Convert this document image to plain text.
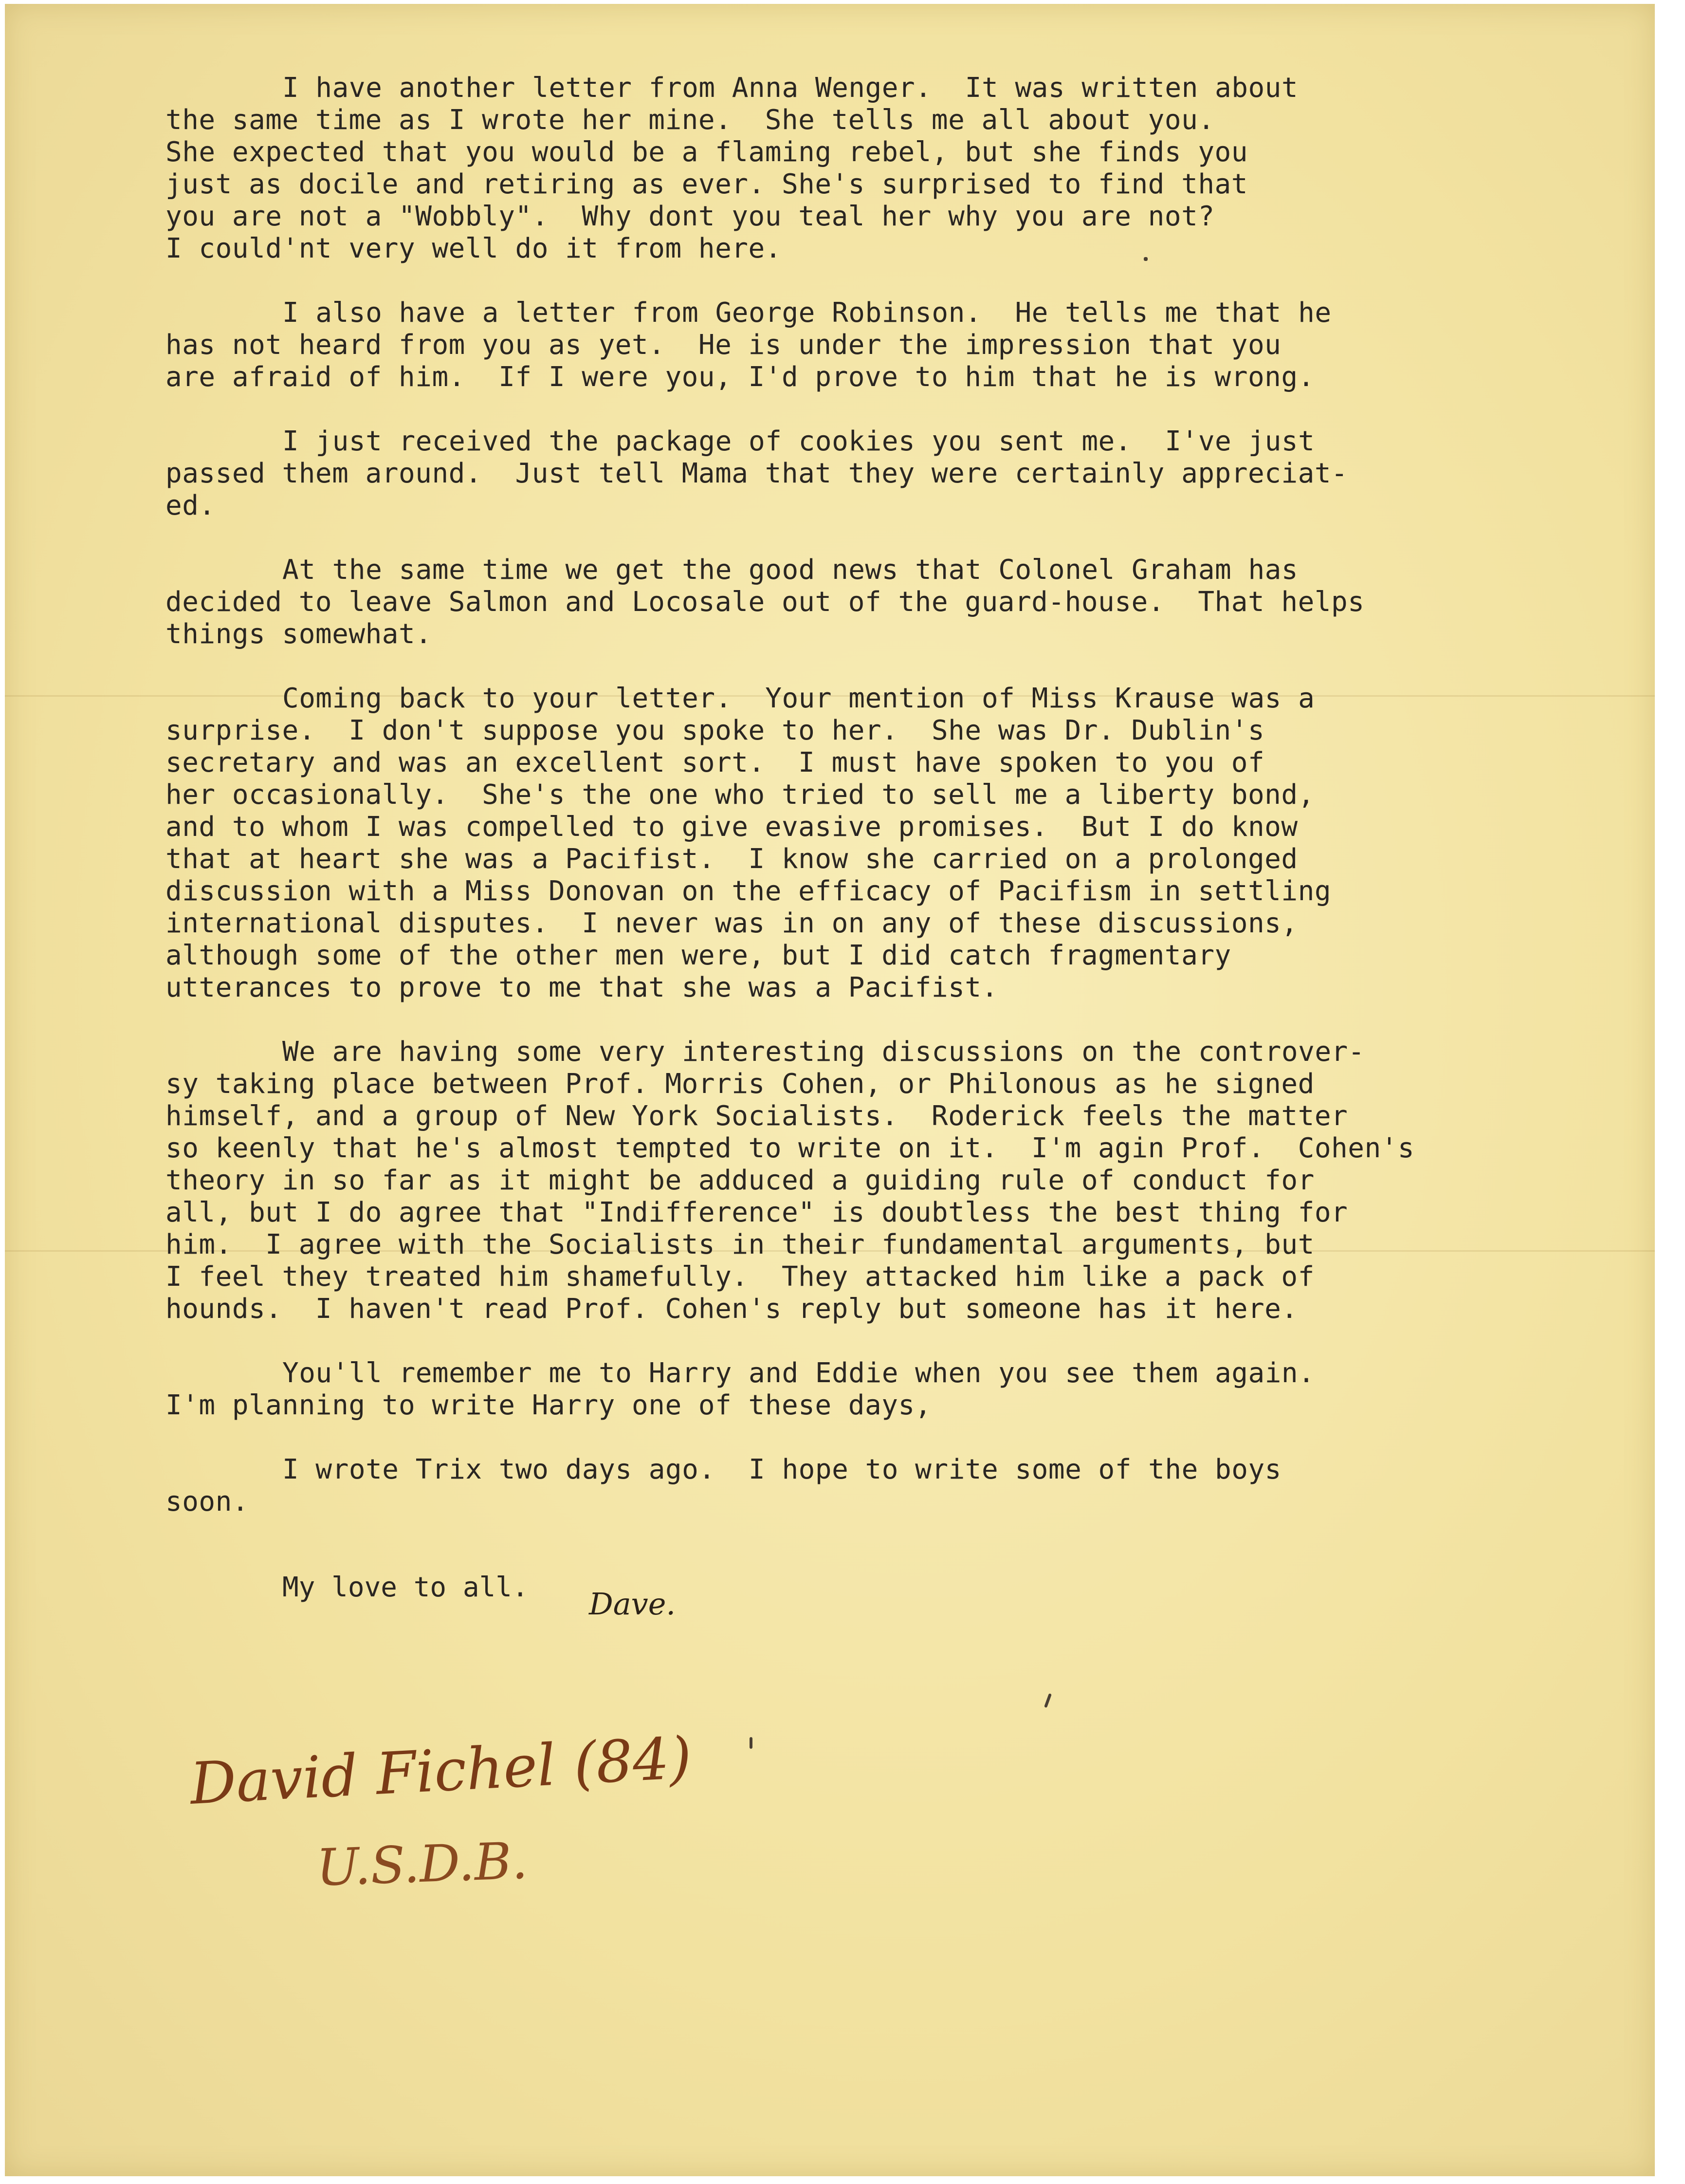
I have another letter from Anna Wenger.  It was written about
the same time as I wrote her mine.  She tells me all about you.
She expected that you would be a flaming rebel, but she finds you
just as docile and retiring as ever. She's surprised to find that
you are not a "Wobbly".  Why dont you teal her why you are not?
I could'nt very well do it from here.
I also have a letter from George Robinson.  He tells me that he
has not heard from you as yet.  He is under the impression that you
are afraid of him.  If I were you, I'd prove to him that he is wrong.
I just received the package of cookies you sent me.  I've just
passed them around.  Just tell Mama that they were certainly appreciat-
ed.
At the same time we get the good news that Colonel Graham has
decided to leave Salmon and Locosale out of the guard-house.  That helps
things somewhat.
Coming back to your letter.  Your mention of Miss Krause was a
surprise.  I don't suppose you spoke to her.  She was Dr. Dublin's
secretary and was an excellent sort.  I must have spoken to you of
her occasionally.  She's the one who tried to sell me a liberty bond,
and to whom I was compelled to give evasive promises.  But I do know
that at heart she was a Pacifist.  I know she carried on a prolonged
discussion with a Miss Donovan on the efficacy of Pacifism in settling
international disputes.  I never was in on any of these discussions,
although some of the other men were, but I did catch fragmentary
utterances to prove to me that she was a Pacifist.
We are having some very interesting discussions on the controver-
sy taking place between Prof. Morris Cohen, or Philonous as he signed
himself, and a group of New York Socialists.  Roderick feels the matter
so keenly that he's almost tempted to write on it.  I'm agin Prof.  Cohen's
theory in so far as it might be adduced a guiding rule of conduct for
all, but I do agree that "Indifference" is doubtless the best thing for
him.  I agree with the Socialists in their fundamental arguments, but
I feel they treated him shamefully.  They attacked him like a pack of
hounds.  I haven't read Prof. Cohen's reply but someone has it here.
You'll remember me to Harry and Eddie when you see them again.
I'm planning to write Harry one of these days,
I wrote Trix two days ago.  I hope to write some of the boys
soon.
My love to all. Dave.
David Fichel (84)
U.S.D.B.
